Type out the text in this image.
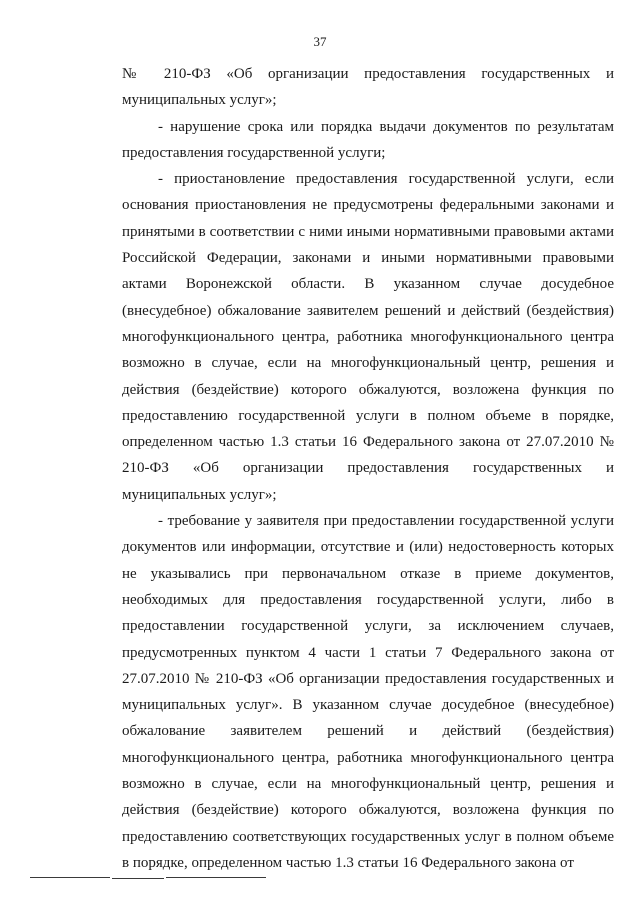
37

№ 210-ФЗ «Об организации предоставления государственных и муниципальных услуг»;

- нарушение срока или порядка выдачи документов по результатам предоставления государственной услуги;

- приостановление предоставления государственной услуги, если основания приостановления не предусмотрены федеральными законами и принятыми в соответствии с ними иными нормативными правовыми актами Российской Федерации, законами и иными нормативными правовыми актами Воронежской области. В указанном случае досудебное (внесудебное) обжалование заявителем решений и действий (бездействия) многофункционального центра, работника многофункционального центра возможно в случае, если на многофункциональный центр, решения и действия (бездействие) которого обжалуются, возложена функция по предоставлению государственной услуги в полном объеме в порядке, определенном частью 1.3 статьи 16 Федерального закона от 27.07.2010 № 210-ФЗ «Об организации предоставления государственных и муниципальных услуг»;

- требование у заявителя при предоставлении государственной услуги документов или информации, отсутствие и (или) недостоверность которых не указывались при первоначальном отказе в приеме документов, необходимых для предоставления государственной услуги, либо в предоставлении государственной услуги, за исключением случаев, предусмотренных пунктом 4 части 1 статьи 7 Федерального закона от 27.07.2010 № 210-ФЗ «Об организации предоставления государственных и муниципальных услуг». В указанном случае досудебное (внесудебное) обжалование заявителем решений и действий (бездействия) многофункционального центра, работника многофункционального центра возможно в случае, если на многофункциональный центр, решения и действия (бездействие) которого обжалуются, возложена функция по предоставлению соответствующих государственных услуг в полном объеме в порядке, определенном частью 1.3 статьи 16 Федерального закона от
